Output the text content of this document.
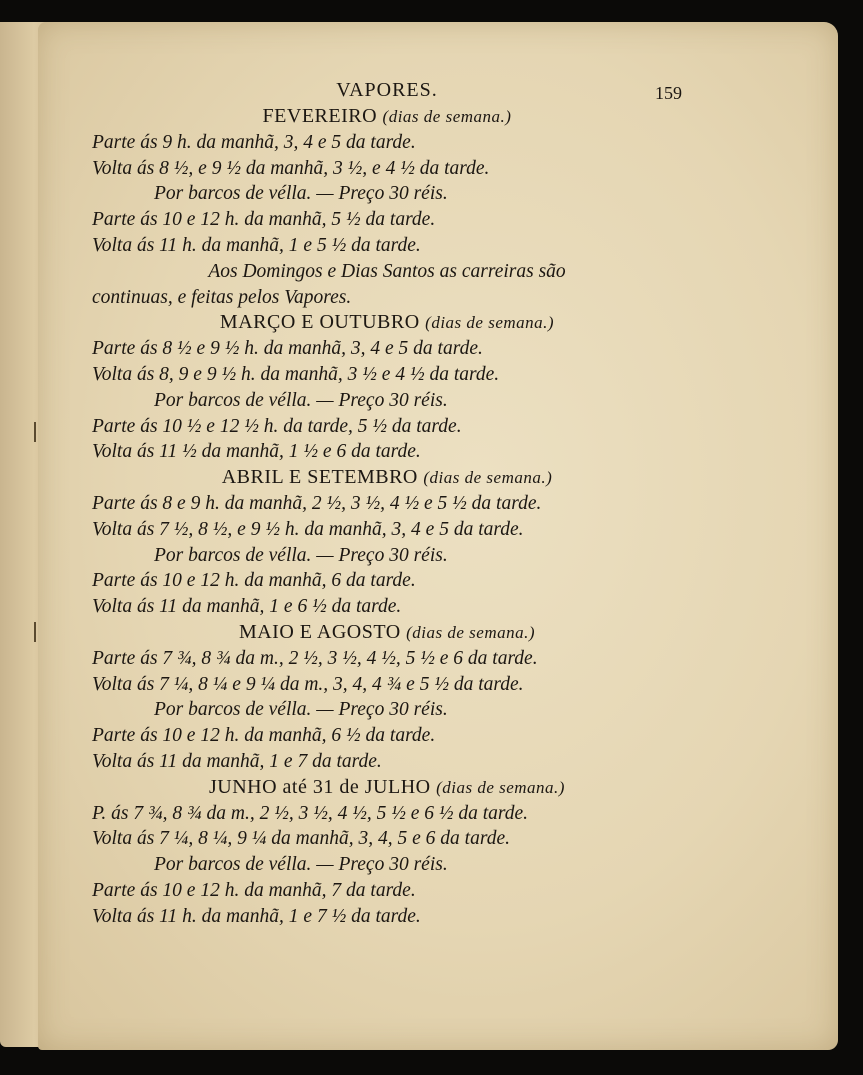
VAPORES.	159
FEVEREIRO (dias de semana.)
Parte ás 9 h. da manhã, 3, 4 e 5 da tarde.
Volta ás 8 ½, e 9 ½ da manhã, 3 ½, e 4 ½ da tarde.
Por barcos de véllа. — Preço 30 réis.
Parte ás 10 e 12 h. da manhã, 5 ½ da tarde.
Volta ás 11 h. da manhã, 1 e 5 ½ da tarde.
Aos Domingos e Dias Santos as carreiras são
continuas, e feitas pelos Vapores.
MARÇO E OUTUBRO (dias de semana.)
Parte ás 8 ½ e 9 ½ h. da manhã, 3, 4 e 5 da tarde.
Volta ás 8, 9 e 9 ½ h. da manhã, 3 ½ e 4 ½ da tarde.
Por barcos de véllа. — Preço 30 réis.
Parte ás 10 ½ e 12 ½ h. da tarde, 5 ½ da tarde.
Volta ás 11 ½ da manhã, 1 ½ e 6 da tarde.
ABRIL E SETEMBRO (dias de semana.)
Parte ás 8 e 9 h. da manhã, 2 ½, 3 ½, 4 ½ e 5 ½ da tarde.
Volta ás 7 ½, 8 ½, e 9 ½ h. da manhã, 3, 4 e 5 da tarde.
Por barcos de véllа. — Preço 30 réis.
Parte ás 10 e 12 h. da manhã, 6 da tarde.
Volta ás 11 da manhã, 1 e 6 ½ da tarde.
MAIO E AGOSTO (dias de semana.)
Parte ás 7 ¾, 8 ¾ da m., 2 ½, 3 ½, 4 ½, 5 ½ e 6 da tarde.
Volta ás 7 ¼, 8 ¼ e 9 ¼ da m., 3, 4, 4 ¾ e 5 ½ da tarde.
Por barcos de véllа. — Preço 30 réis.
Parte ás 10 e 12 h. da manhã, 6 ½ da tarde.
Volta ás 11 da manhã, 1 e 7 da tarde.
JUNHO até 31 de JULHO (dias de semana.)
P. ás 7 ¾, 8 ¾ da m., 2 ½, 3 ½, 4 ½, 5 ½ e 6 ½ da tarde.
Volta ás 7 ¼, 8 ¼, 9 ¼ da manhã, 3, 4, 5 e 6 da tarde.
Por barcos de véllа. — Preço 30 réis.
Parte ás 10 e 12 h. da manhã, 7 da tarde.
Volta ás 11 h. da manhã, 1 e 7 ½ da tarde.
